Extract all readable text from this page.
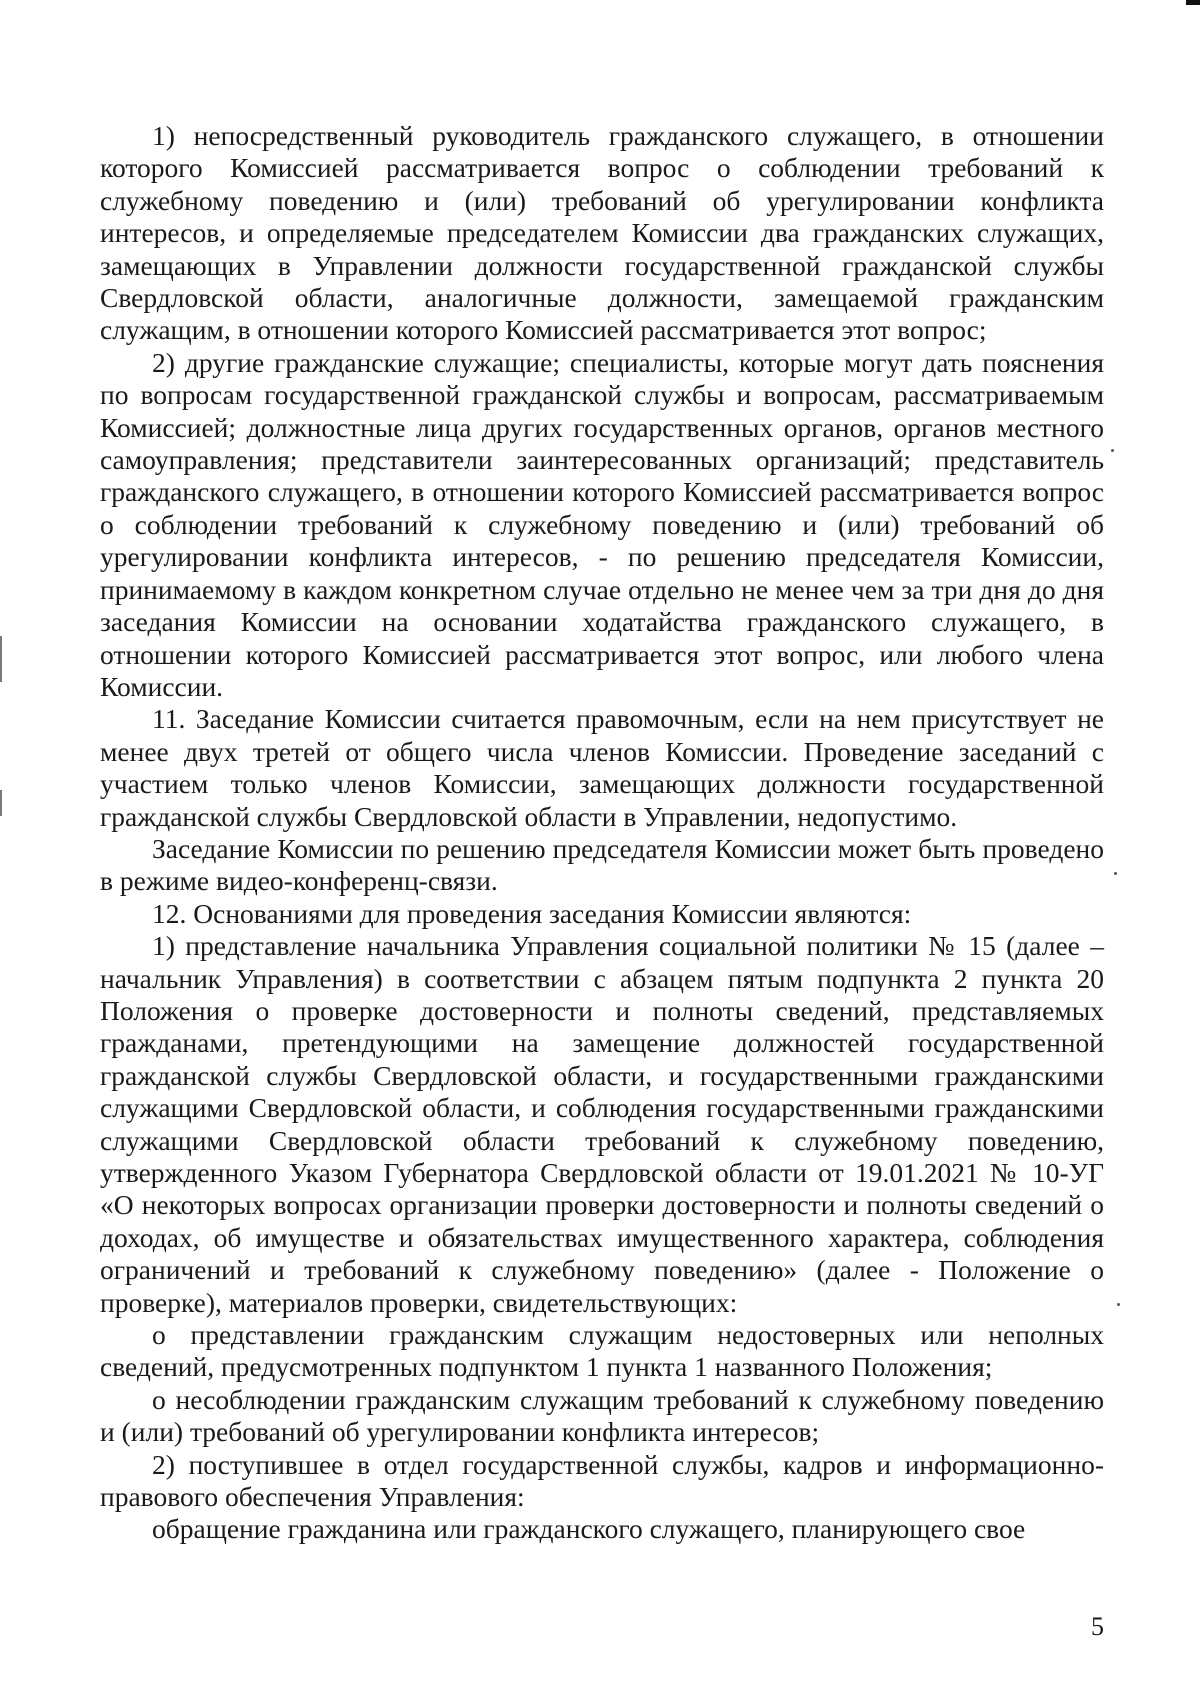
1) непосредственный руководитель гражданского служащего, в отношении которого Комиссией рассматривается вопрос о соблюдении требований к служебному поведению и (или) требований об урегулировании конфликта интересов, и определяемые председателем Комиссии два гражданских служащих, замещающих в Управлении должности государственной гражданской службы Свердловской области, аналогичные должности, замещаемой гражданским служащим, в отношении которого Комиссией рассматривается этот вопрос;

2) другие гражданские служащие; специалисты, которые могут дать пояснения по вопросам государственной гражданской службы и вопросам, рассматриваемым Комиссией; должностные лица других государственных органов, органов местного самоуправления; представители заинтересованных организаций; представитель гражданского служащего, в отношении которого Комиссией рассматривается вопрос о соблюдении требований к служебному поведению и (или) требований об урегулировании конфликта интересов, - по решению председателя Комиссии, принимаемому в каждом конкретном случае отдельно не менее чем за три дня до дня заседания Комиссии на основании ходатайства гражданского служащего, в отношении которого Комиссией рассматривается этот вопрос, или любого члена Комиссии.

11. Заседание Комиссии считается правомочным, если на нем присутствует не менее двух третей от общего числа членов Комиссии. Проведение заседаний с участием только членов Комиссии, замещающих должности государственной гражданской службы Свердловской области в Управлении, недопустимо.

Заседание Комиссии по решению председателя Комиссии может быть проведено в режиме видео-конференц-связи.

12. Основаниями для проведения заседания Комиссии являются:

1) представление начальника Управления социальной политики № 15 (далее – начальник Управления) в соответствии с абзацем пятым подпункта 2 пункта 20 Положения о проверке достоверности и полноты сведений, представляемых гражданами, претендующими на замещение должностей государственной гражданской службы Свердловской области, и государственными гражданскими служащими Свердловской области, и соблюдения государственными гражданскими служащими Свердловской области требований к служебному поведению, утвержденного Указом Губернатора Свердловской области от 19.01.2021 № 10-УГ «О некоторых вопросах организации проверки достоверности и полноты сведений о доходах, об имуществе и обязательствах имущественного характера, соблюдения ограничений и требований к служебному поведению» (далее - Положение о проверке), материалов проверки, свидетельствующих:

о представлении гражданским служащим недостоверных или неполных сведений, предусмотренных подпунктом 1 пункта 1 названного Положения;

о несоблюдении гражданским служащим требований к служебному поведению и (или) требований об урегулировании конфликта интересов;

2) поступившее в отдел государственной службы, кадров и информационно-правового обеспечения Управления:

обращение гражданина или гражданского служащего, планирующего свое

5
